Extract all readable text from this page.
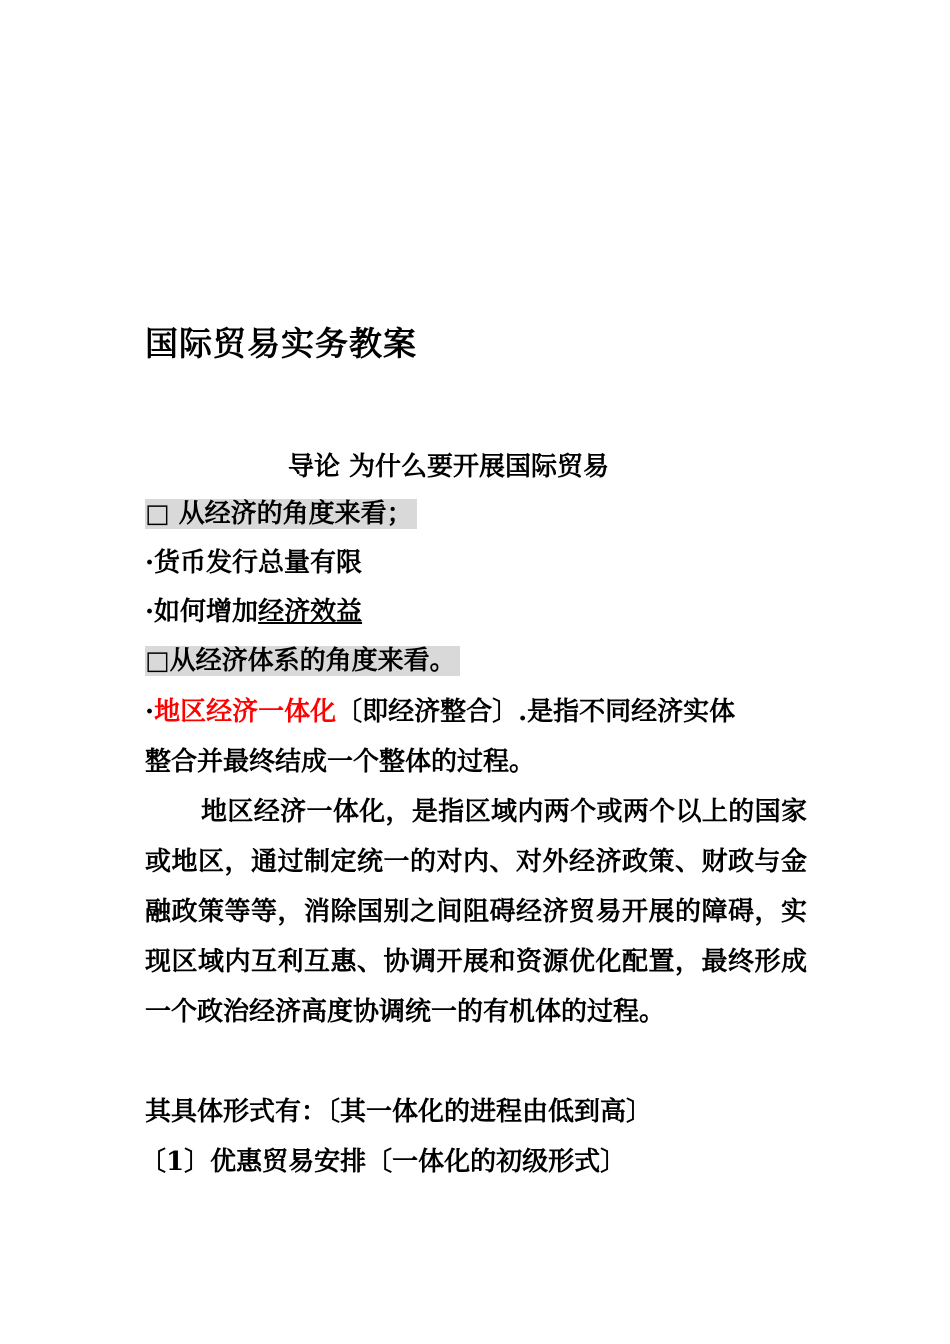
国际贸易实务教案
导论 为什么要开展国际贸易
□ 从经济的角度来看；
·货币发行总量有限
·如何增加经济效益
□从经济体系的角度来看。
·地区经济一体化〔即经济整合〕.是指不同经济实体
整合并最终结成一个整体的过程。
地区经济一体化，是指区域内两个或两个以上的国家或地区，通过制定统一的对内、对外经济政策、财政与金融政策等等，消除国别之间阻碍经济贸易开展的障碍，实现区域内互利互惠、协调开展和资源优化配置，最终形成一个政治经济高度协调统一的有机体的过程。
其具体形式有：〔其一体化的进程由低到高〕
〔1〕优惠贸易安排〔一体化的初级形式〕
